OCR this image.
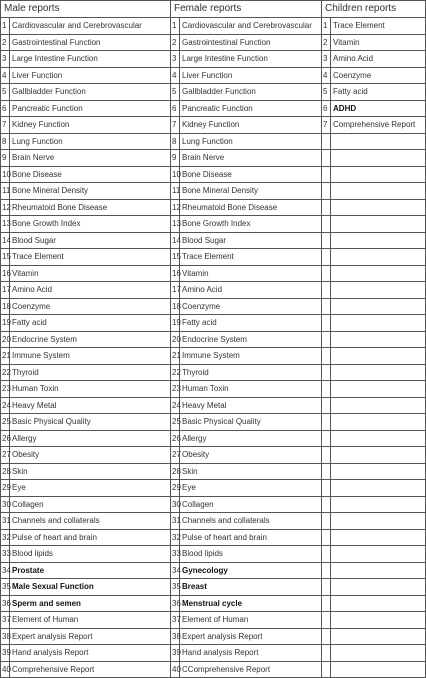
Male reports		Female reports		Children reports	
1	Cardiovascular and Cerebrovascular	1	Cardiovascular and Cerebrovascular	1	Trace Element
2	Gastrointestinal Function	2	Gastrointestinal Function	2	Vitamin
3	Large Intestine Function	3	Large Intestine Function	3	Amino Acid
4	Liver Function	4	Liver Function	4	Coenzyme
5	Gallbladder Function	5	Gallbladder Function	5	Fatty acid
6	Pancreatic Function	6	Pancreatic Function	6	ADHD
7	Kidney Function	7	Kidney Function	7	Comprehensive Report
8	Lung Function	8	Lung Function		
9	Brain Nerve	9	Brain Nerve		
10	Bone Disease	10	Bone Disease		
11	Bone Mineral Density	11	Bone Mineral Density		
12	Rheumatoid Bone Disease	12	Rheumatoid Bone Disease		
13	Bone Growth Index	13	Bone Growth Index		
14	Blood Sugar	14	Blood Sugar		
15	Trace Element	15	Trace Element		
16	Vitamin	16	Vitamin		
17	Amino Acid	17	Amino Acid		
18	Coenzyme	18	Coenzyme		
19	Fatty acid	19	Fatty acid		
20	Endocrine System	20	Endocrine System		
21	Immune System	21	Immune System		
22	Thyroid	22	Thyroid		
23	Human Toxin	23	Human Toxin		
24	Heavy Metal	24	Heavy Metal		
25	Basic Physical Quality	25	Basic Physical Quality		
26	Allergy	26	Allergy		
27	Obesity	27	Obesity		
28	Skin	28	Skin		
29	Eye	29	Eye		
30	Collagen	30	Collagen		
31	Channels and collaterals	31	Channels and collaterals		
32	Pulse of heart and brain	32	Pulse of heart and brain		
33	Blood lipids	33	Blood lipids		
34	Prostate	34	Gynecology		
35	Male Sexual Function	35	Breast		
36	Sperm and semen	36	Menstrual cycle		
37	Element of Human	37	Element of Human		
38	Expert analysis Report	38	Expert analysis Report		
39	Hand analysis Report	39	Hand analysis Report		
40	Comprehensive Report	40	CComprehensive Report		
